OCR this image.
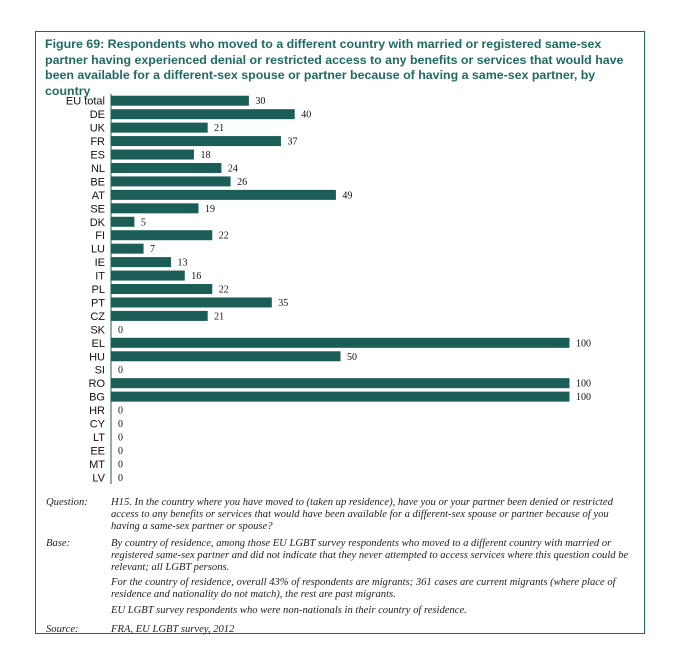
Figure 69: Respondents who moved to a different country with married or registered same-sex partner having experienced denial or restricted access to any benefits or services that would have been available for a different-sex spouse or partner because of having a same-sex partner, by country
EU total	30
DE	40
UK	21
FR	37
ES	18
NL	24
BE	26
AT	49
SE	19
DK	5
FI	22
LU	7
IE	13
IT	16
PL	22
PT	35
CZ	21
SK 0
EL	100
HU	50
SI 0
RO	100
BG	100
HR 0
CY 0
LT 0
EE 0
MT 0
LV 0
Question:	H15. In the country where you have moved to (taken up residence), have you or your partner been denied or restricted access to any benefits or services that would have been available for a different-sex spouse or partner because of you having a same-sex partner or spouse?
Base:	By country of residence, among those EU LGBT survey respondents who moved to a different country with married or registered same-sex partner and did not indicate that they never attempted to access services where this question could be relevant; all LGBT persons.
For the country of residence, overall 43% of respondents are migrants; 361 cases are current migrants (where place of residence and nationality do not match), the rest are past migrants.
EU LGBT survey respondents who were non-nationals in their country of residence.
Source:	FRA, EU LGBT survey, 2012
